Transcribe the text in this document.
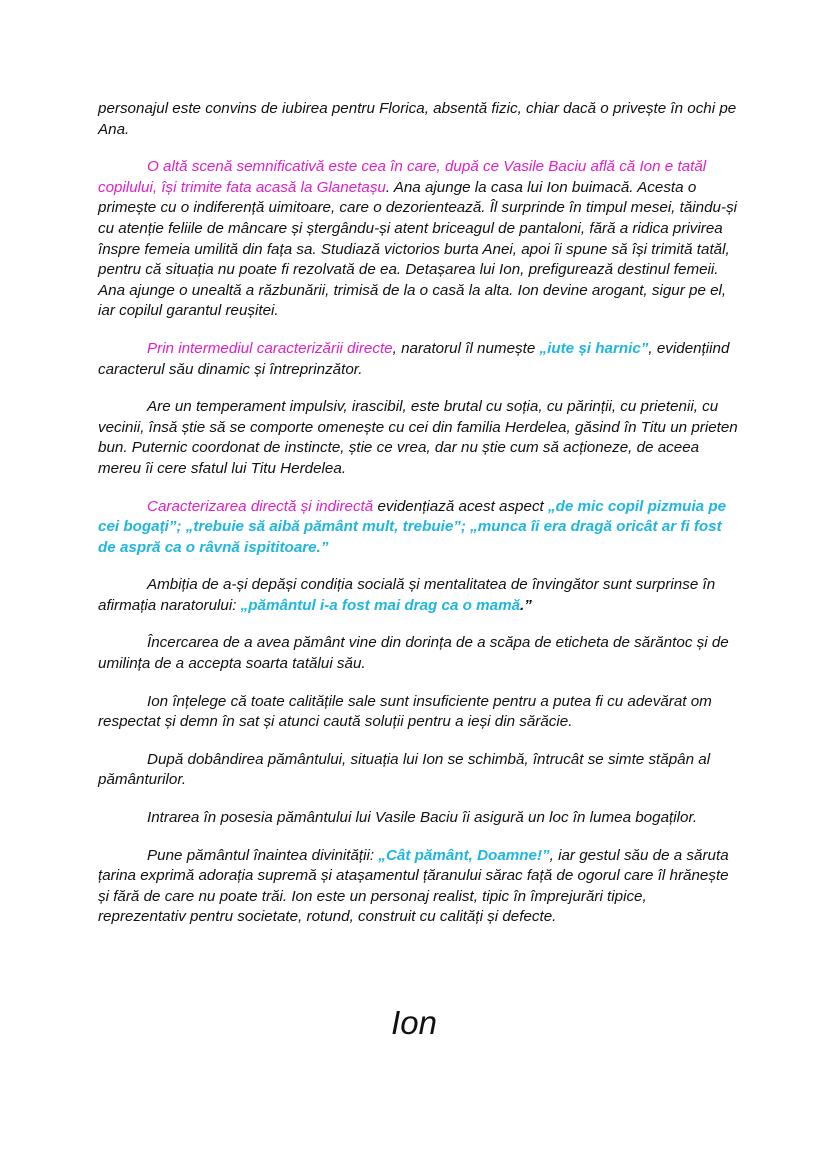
personajul este convins de iubirea pentru Florica, absentă fizic, chiar dacă o privește în ochi pe Ana.

O altă scenă semnificativă este cea în care, după ce Vasile Baciu află că Ion e tatăl copilului, își trimite fata acasă la Glanetașu. Ana ajunge la casa lui Ion buimacă. Acesta o primește cu o indiferență uimitoare, care o dezorientează. Îl surprinde în timpul mesei, tăindu-și cu atenție feliile de mâncare și ștergându-și atent briceagul de pantaloni, fără a ridica privirea înspre femeia umilită din fața sa. Studiază victorios burta Anei, apoi îi spune să își trimită tatăl, pentru că situația nu poate fi rezolvată de ea. Detașarea lui Ion, prefigurează destinul femeii. Ana ajunge o unealtă a răzbunării, trimisă de la o casă la alta. Ion devine arogant, sigur pe el, iar copilul garantul reușitei.

Prin intermediul caracterizării directe, naratorul îl numește „iute și harnic”, evidențiind caracterul său dinamic și întreprinzător.

Are un temperament impulsiv, irascibil, este brutal cu soția, cu părinții, cu prietenii, cu vecinii, însă știe să se comporte omenește cu cei din familia Herdelea, găsind în Titu un prieten bun. Puternic coordonat de instincte, știe ce vrea, dar nu știe cum să acționeze, de aceea mereu îi cere sfatul lui Titu Herdelea.

Caracterizarea directă și indirectă evidențiază acest aspect „de mic copil pizmuia pe cei bogați”; „trebuie să aibă pământ mult, trebuie”; „munca îi era dragă oricât ar fi fost de aspră ca o râvnă ispititoare.”

Ambiția de a-și depăși condiția socială și mentalitatea de învingător sunt surprinse în afirmația naratorului: „pământul i-a fost mai drag ca o mamă.”

Încercarea de a avea pământ vine din dorința de a scăpa de eticheta de sărăntoc și de umilința de a accepta soarta tatălui său.

Ion înțelege că toate calitățile sale sunt insuficiente pentru a putea fi cu adevărat om respectat și demn în sat și atunci caută soluții pentru a ieși din sărăcie.

După dobândirea pământului, situația lui Ion se schimbă, întrucât se simte stăpân al pământurilor.

Intrarea în posesia pământului lui Vasile Baciu îi asigură un loc în lumea bogaților.

Pune pământul înaintea divinității: „Cât pământ, Doamne!”, iar gestul său de a săruta țarina exprimă adorația supremă și atașamentul țăranului sărac față de ogorul care îl hrănește și fără de care nu poate trăi. Ion este un personaj realist, tipic în împrejurări tipice, reprezentativ pentru societate, rotund, construit cu calități și defecte.

Ion
